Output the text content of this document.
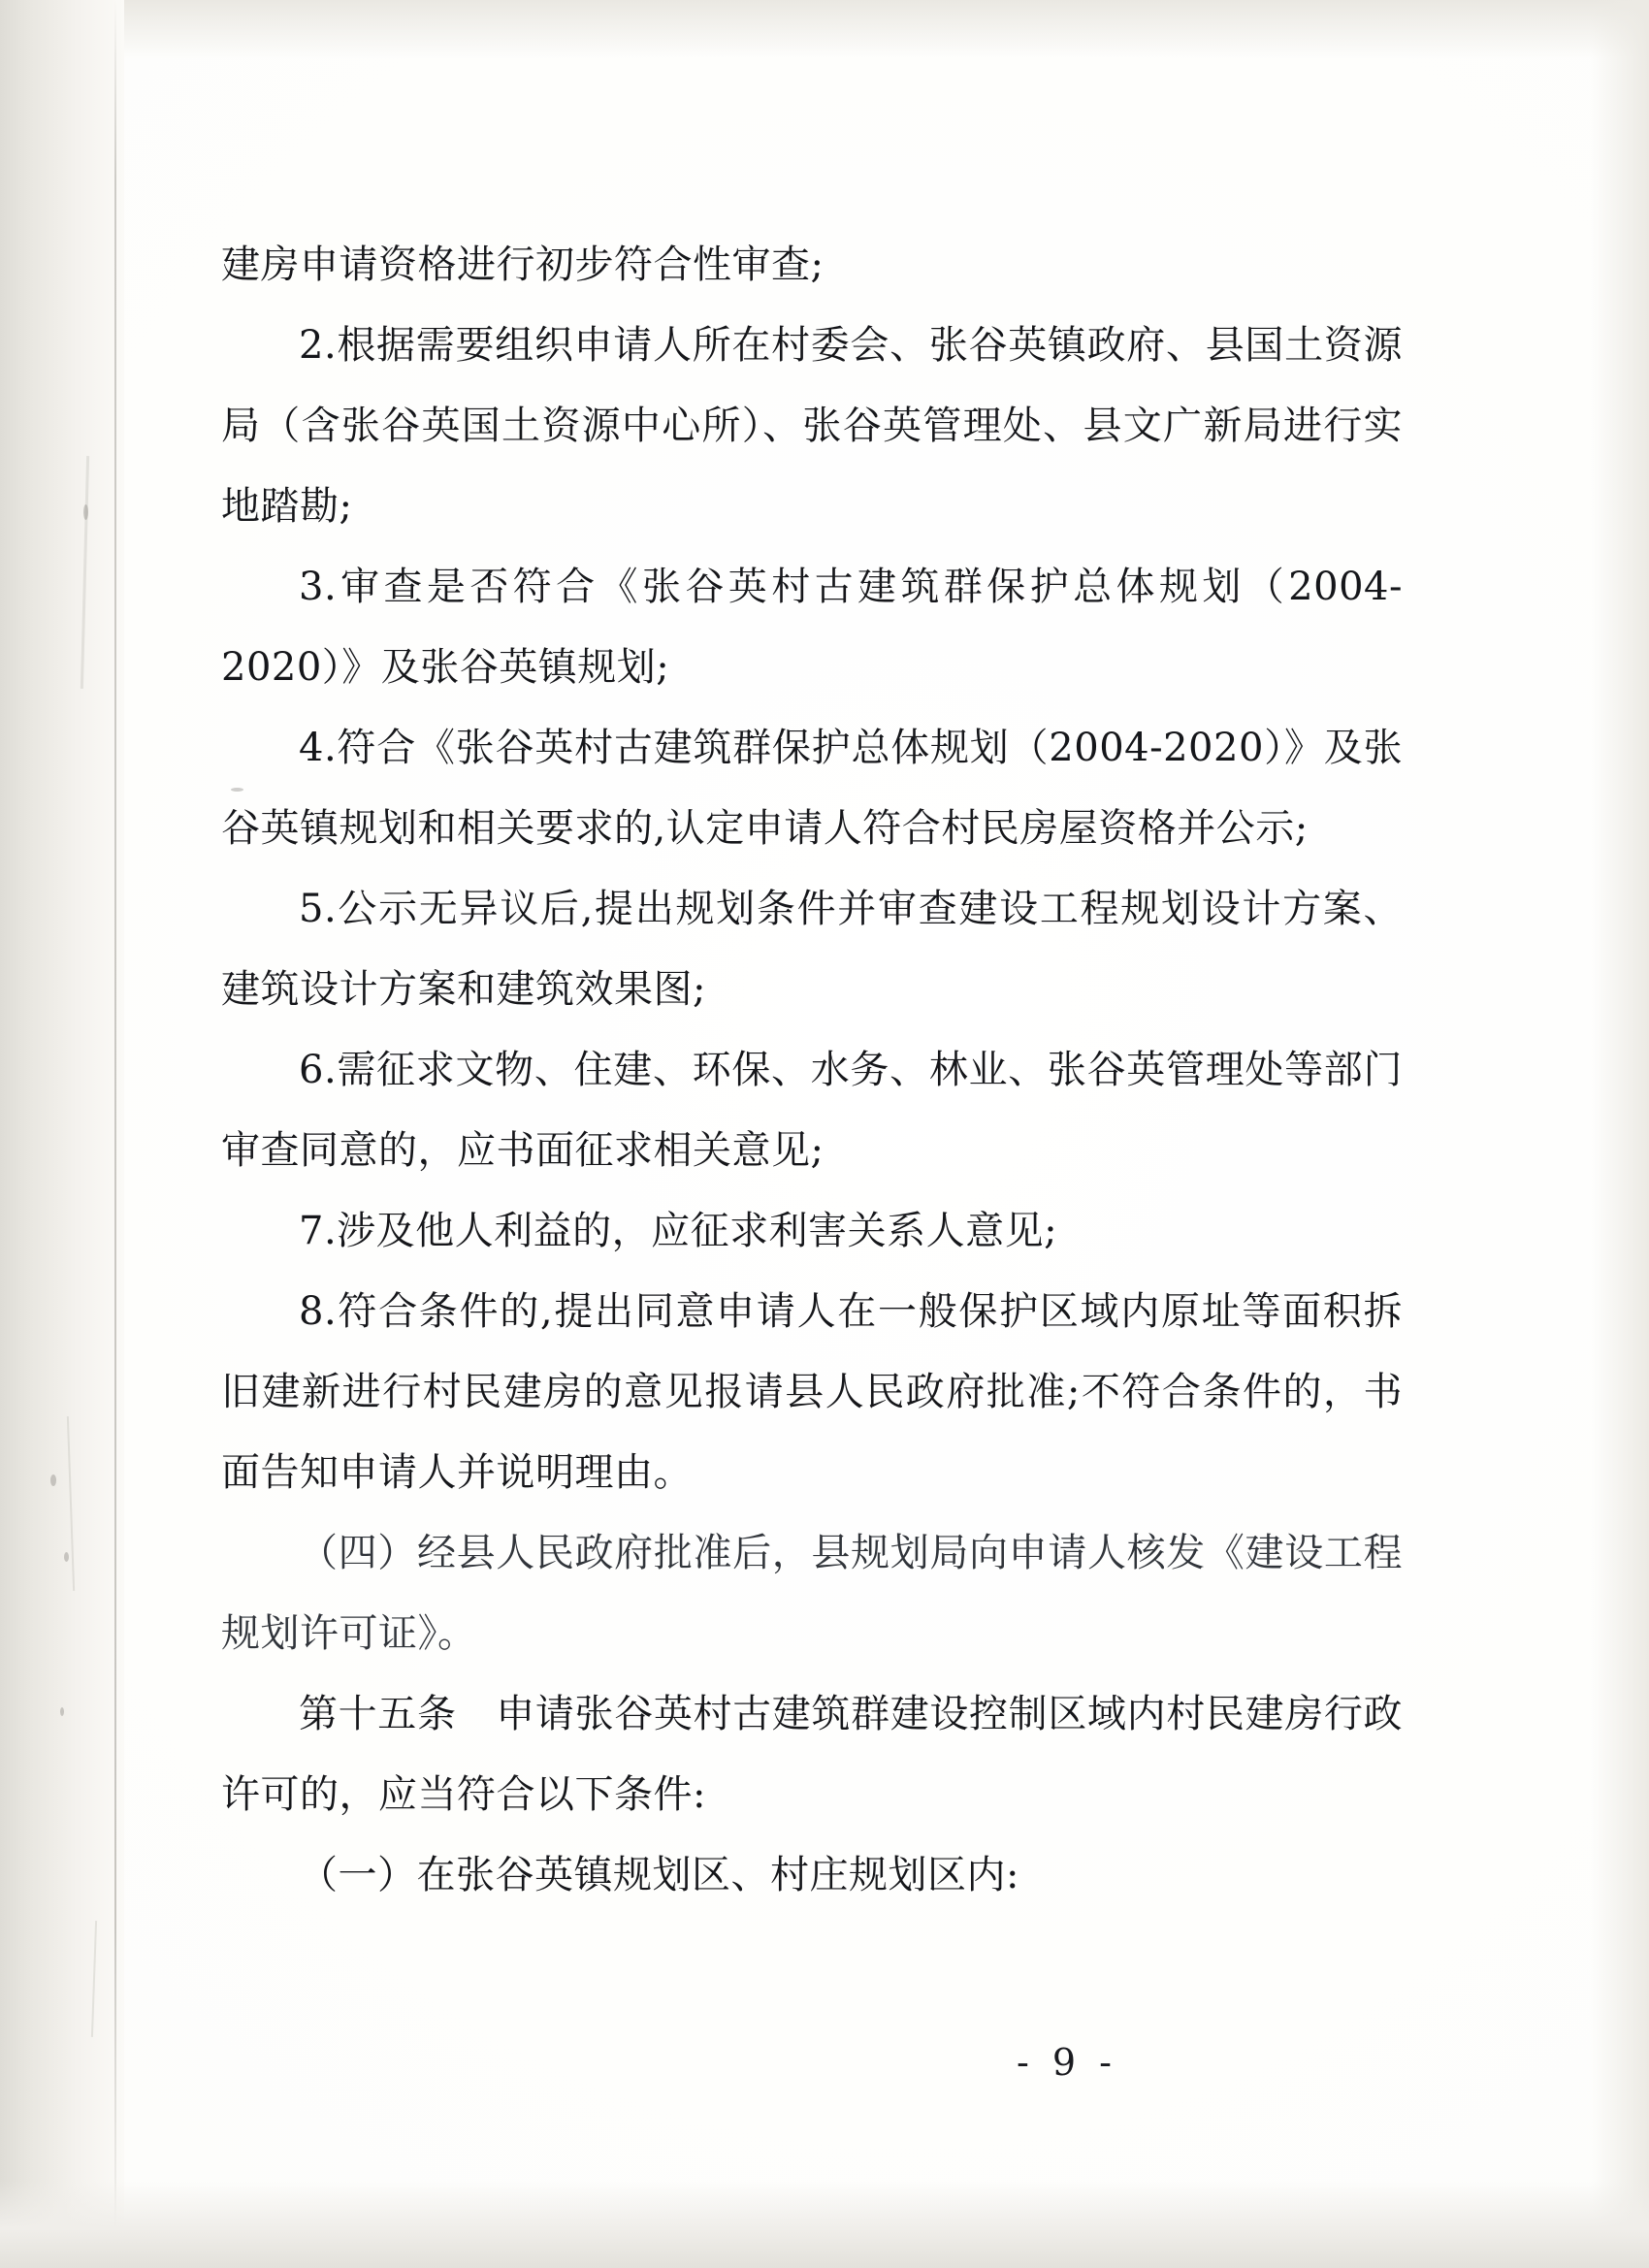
建房申请资格进行初步符合性审查;

2.根据需要组织申请人所在村委会、张谷英镇政府、县国土资源局（含张谷英国土资源中心所）、张谷英管理处、县文广新局进行实地踏勘;

3.审查是否符合《张谷英村古建筑群保护总体规划（2004-2020）》及张谷英镇规划;

4.符合《张谷英村古建筑群保护总体规划（2004-2020）》及张谷英镇规划和相关要求的,认定申请人符合村民房屋资格并公示;

5.公示无异议后,提出规划条件并审查建设工程规划设计方案、建筑设计方案和建筑效果图;

6.需征求文物、住建、环保、水务、林业、张谷英管理处等部门审查同意的，应书面征求相关意见;

7.涉及他人利益的，应征求利害关系人意见;

8.符合条件的,提出同意申请人在一般保护区域内原址等面积拆旧建新进行村民建房的意见报请县人民政府批准;不符合条件的，书面告知申请人并说明理由。

（四）经县人民政府批准后，县规划局向申请人核发《建设工程规划许可证》。

第十五条　申请张谷英村古建筑群建设控制区域内村民建房行政许可的，应当符合以下条件:

（一）在张谷英镇规划区、村庄规划区内:

- 9 -
